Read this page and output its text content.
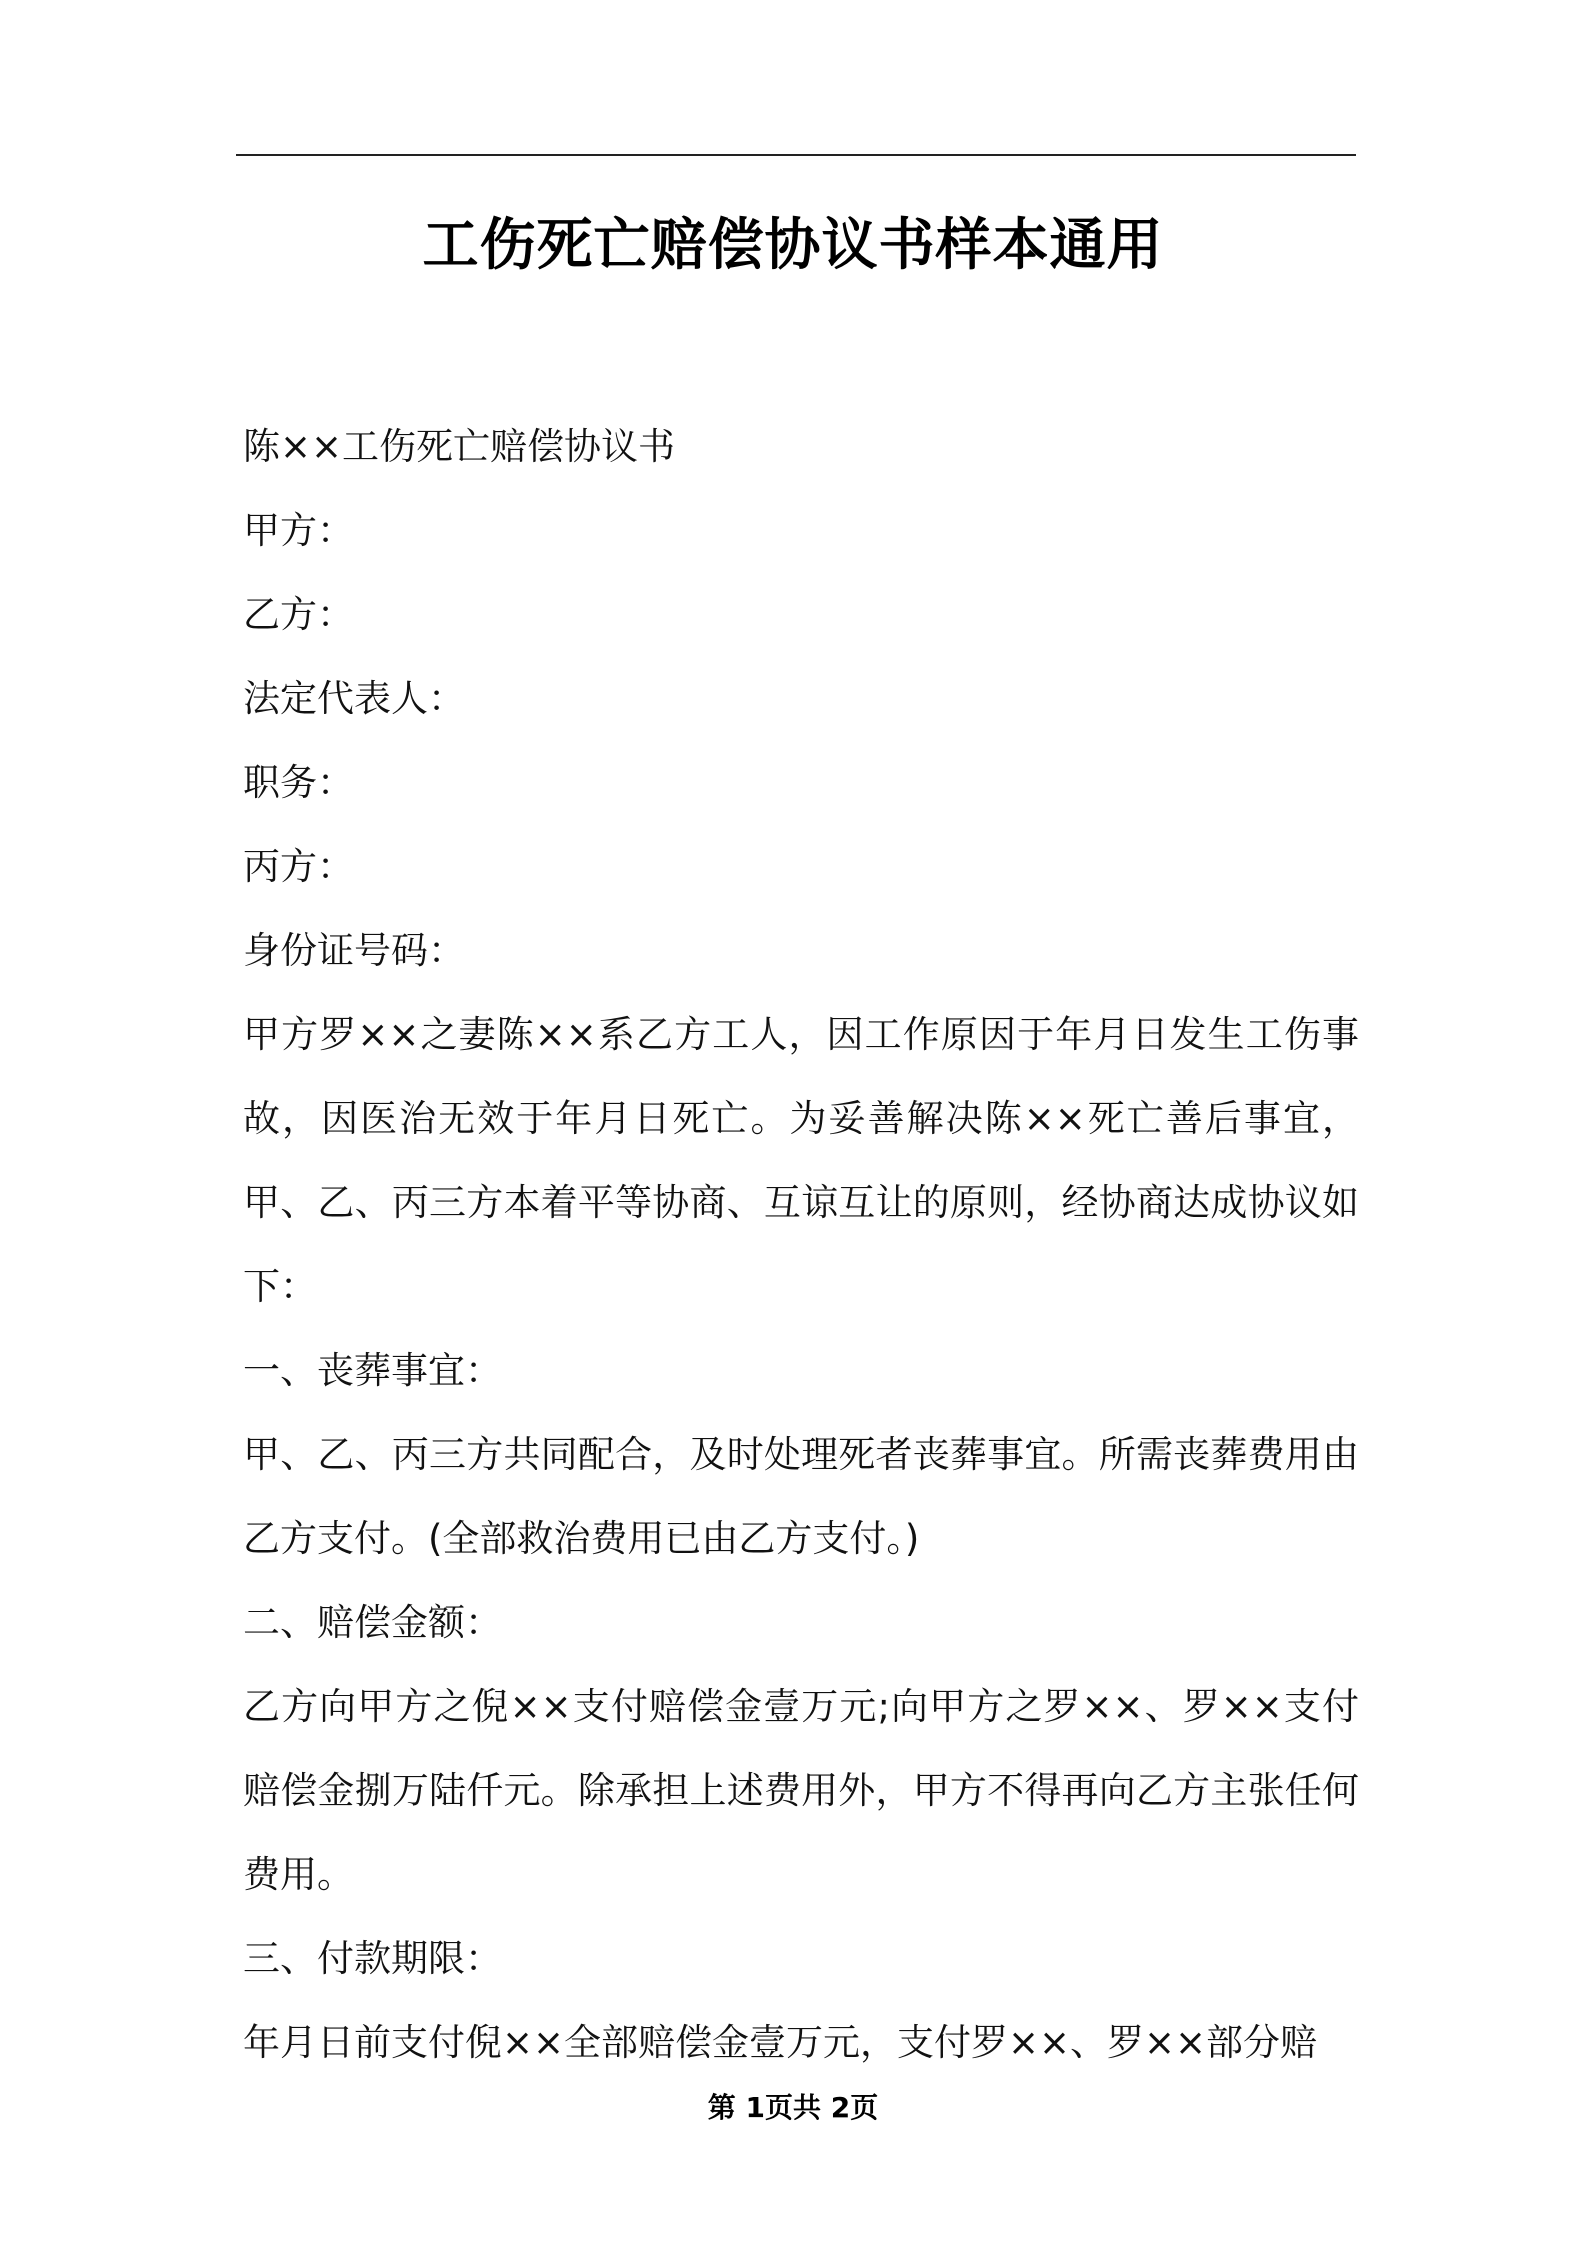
工伤死亡赔偿协议书样本通用

陈××工伤死亡赔偿协议书

甲方：

乙方：

法定代表人：

职务：

丙方：

身份证号码：

甲方罗××之妻陈××系乙方工人，因工作原因于年月日发生工伤事故，因医治无效于年月日死亡。为妥善解决陈××死亡善后事宜，甲、乙、丙三方本着平等协商、互谅互让的原则，经协商达成协议如下：

一、丧葬事宜：

甲、乙、丙三方共同配合，及时处理死者丧葬事宜。所需丧葬费用由乙方支付。(全部救治费用已由乙方支付。)

二、赔偿金额：

乙方向甲方之倪××支付赔偿金壹万元;向甲方之罗××、罗××支付赔偿金捌万陆仟元。除承担上述费用外，甲方不得再向乙方主张任何费用。

三、付款期限：

年月日前支付倪××全部赔偿金壹万元，支付罗××、罗××部分赔

第 1页共 2页
